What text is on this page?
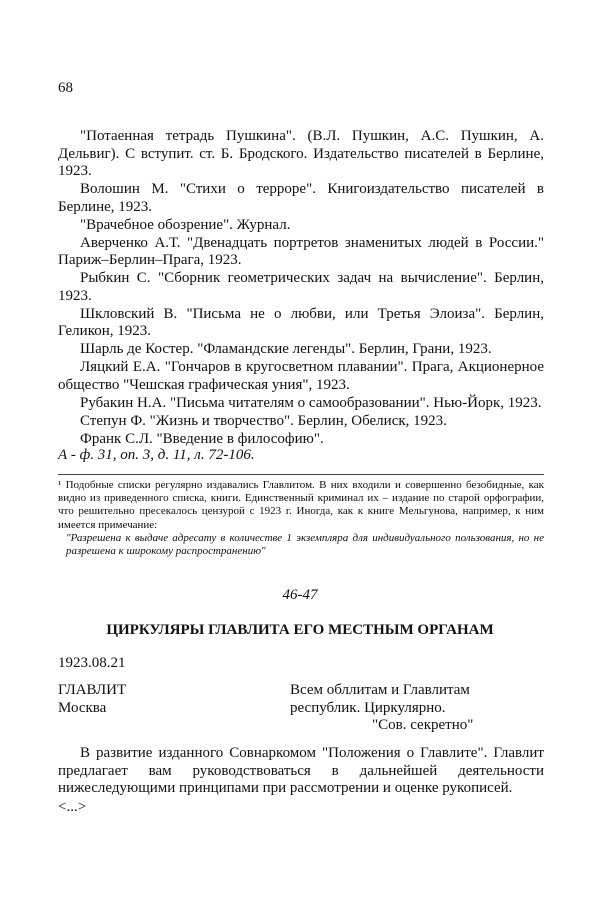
68

"Потаенная тетрадь Пушкина". (В.Л. Пушкин, А.С. Пушкин, А. Дельвиг). С вступит. ст. Б. Бродского. Издательство писателей в Берлине, 1923.

Волошин М. "Стихи о терроре". Книгоиздательство писателей в Берлине, 1923.

"Врачебное обозрение". Журнал.

Аверченко А.Т. "Двенадцать портретов знаменитых людей в России." Париж–Берлин–Прага, 1923.

Рыбкин С. "Сборник геометрических задач на вычисление". Берлин, 1923.

Шкловский В. "Письма не о любви, или Третья Элоиза". Берлин, Геликон, 1923.

Шарль де Костер. "Фламандские легенды". Берлин, Грани, 1923.

Ляцкий Е.А. "Гончаров в кругосветном плавании". Прага, Акционерное общество "Чешская графическая уния", 1923.

Рубакин Н.А. "Письма читателям о самообразовании". Нью-Йорк, 1923.

Степун Ф. "Жизнь и творчество". Берлин, Обелиск, 1923.

Франк С.Л. "Введение в философию".

А - ф. 31, оп. 3, д. 11, л. 72-106.
¹ Подобные списки регулярно издавались Главлитом. В них входили и совершенно безобидные, как видно из приведенного списка, книги. Единственный криминал их – издание по старой орфографии, что решительно пресекалось цензурой с 1923 г. Иногда, как к книге Мельгунова, например, к ним имеется примечание:
"Разрешена к выдаче адресату в количестве 1 экземпляра для индивидуального пользования, но не разрешена к широкому распространению"
46-47
ЦИРКУЛЯРЫ ГЛАВЛИТА ЕГО МЕСТНЫМ ОРГАНАМ
1923.08.21
ГЛАВЛИТ
Москва
Всем обллитам и Главлитам
республик. Циркулярно.
"Сов. секретно"
В развитие изданного Совнаркомом "Положения о Главлите". Главлит предлагает вам руководствоваться в дальнейшей деятельности нижеследующими принципами при рассмотрении и оценке рукописей.
<...>
